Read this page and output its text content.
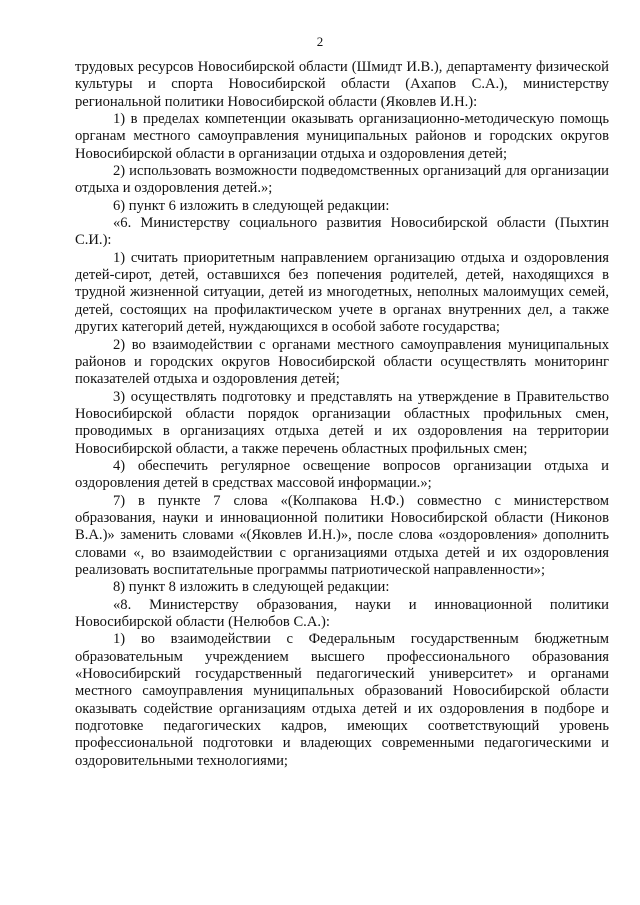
2

трудовых ресурсов Новосибирской области (Шмидт И.В.), департаменту физической культуры и спорта Новосибирской области (Ахапов С.А.), министерству региональной политики Новосибирской области (Яковлев И.Н.):

1) в пределах компетенции оказывать организационно-методическую помощь органам местного самоуправления муниципальных районов и городских округов Новосибирской области в организации отдыха и оздоровления детей;

2) использовать возможности подведомственных организаций для организации отдыха и оздоровления детей.»;

6) пункт 6 изложить в следующей редакции:

«6. Министерству социального развития Новосибирской области (Пыхтин С.И.):

1) считать приоритетным направлением организацию отдыха и оздоровления детей-сирот, детей, оставшихся без попечения родителей, детей, находящихся в трудной жизненной ситуации, детей из многодетных, неполных малоимущих семей, детей, состоящих на профилактическом учете в органах внутренних дел, а также других категорий детей, нуждающихся в особой заботе государства;

2) во взаимодействии с органами местного самоуправления муниципальных районов и городских округов Новосибирской области осуществлять мониторинг показателей отдыха и оздоровления детей;

3) осуществлять подготовку и представлять на утверждение в Правительство Новосибирской области порядок организации областных профильных смен, проводимых в организациях отдыха детей и их оздоровления на территории Новосибирской области, а также перечень областных профильных смен;

4) обеспечить регулярное освещение вопросов организации отдыха и оздоровления детей в средствах массовой информации.»;

7) в пункте 7 слова «(Колпакова Н.Ф.) совместно с министерством образования, науки и инновационной политики Новосибирской области (Никонов В.А.)» заменить словами «(Яковлев И.Н.)», после слова «оздоровления» дополнить словами «, во взаимодействии с организациями отдыха детей и их оздоровления реализовать воспитательные программы патриотической направленности»;

8) пункт 8 изложить в следующей редакции:

«8. Министерству образования, науки и инновационной политики Новосибирской области (Нелюбов С.А.):

1) во взаимодействии с Федеральным государственным бюджетным образовательным учреждением высшего профессионального образования «Новосибирский государственный педагогический университет» и органами местного самоуправления муниципальных образований Новосибирской области оказывать содействие организациям отдыха детей и их оздоровления в подборе и подготовке педагогических кадров, имеющих соответствующий уровень профессиональной подготовки и владеющих современными педагогическими и оздоровительными технологиями;
